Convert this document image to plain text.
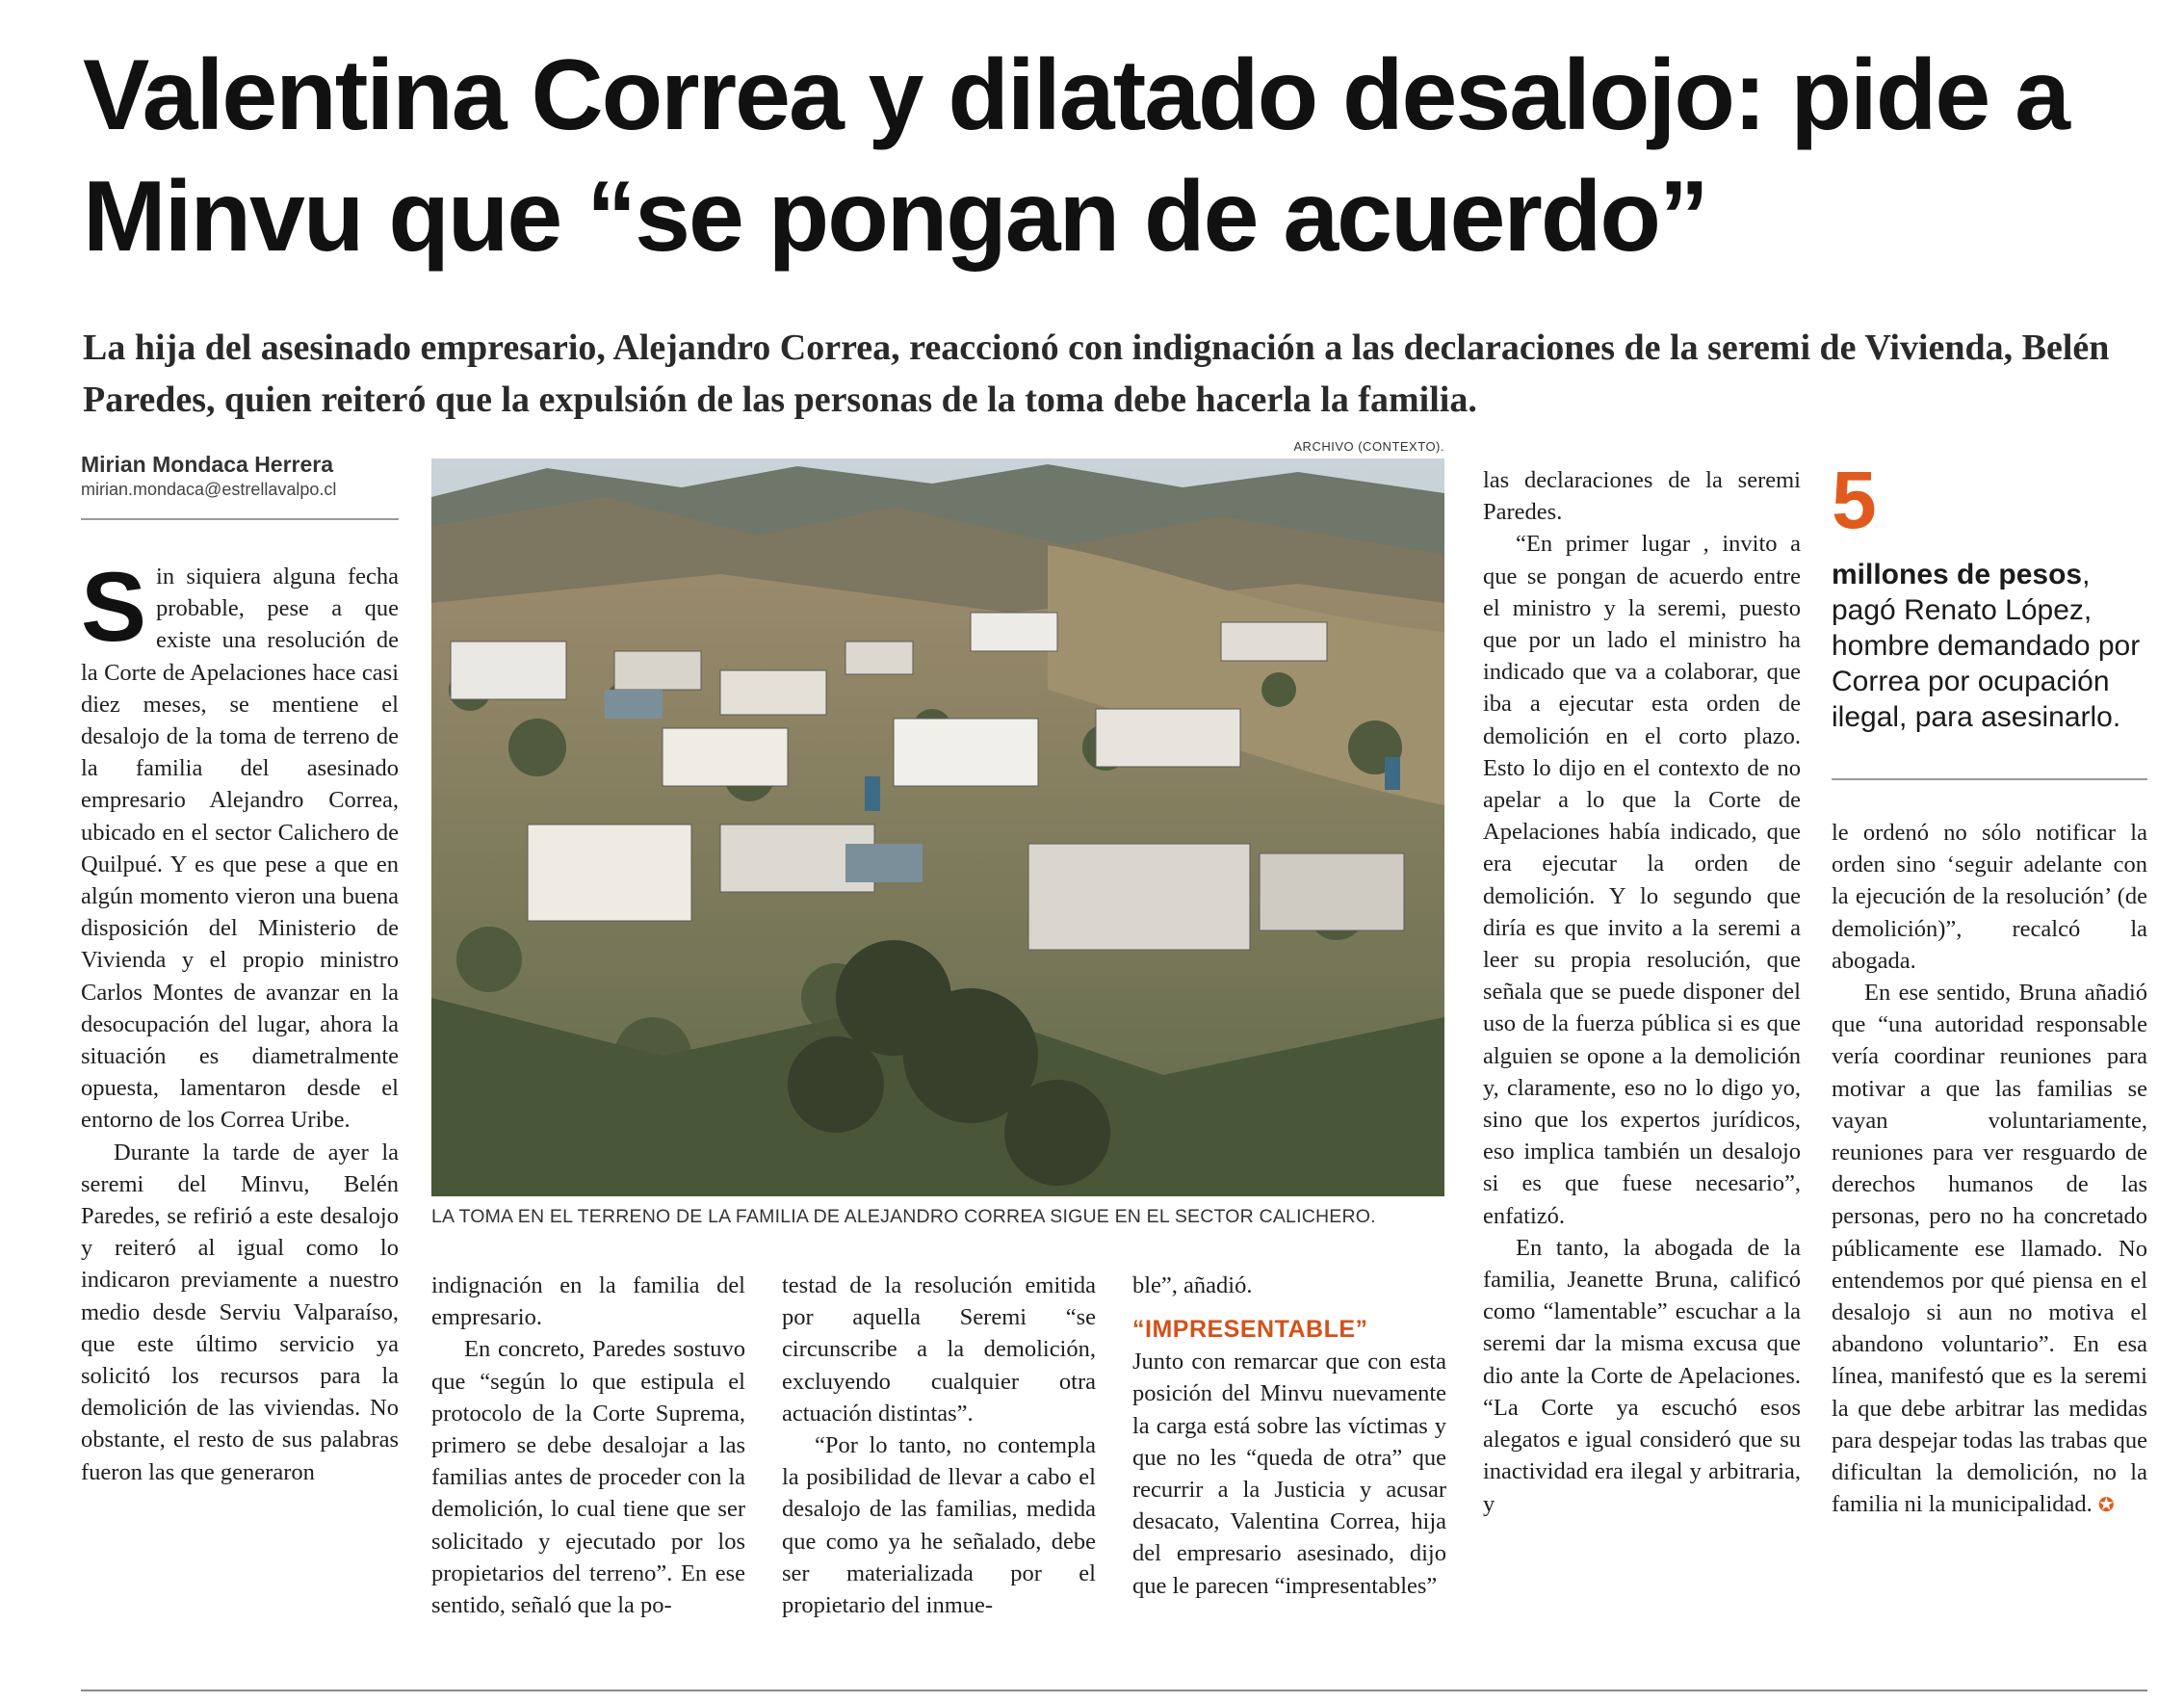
Valentina Correa y dilatado desalojo: pide a Minvu que “se pongan de acuerdo”
La hija del asesinado empresario, Alejandro Correa, reaccionó con indignación a las declaraciones de la seremi de Vivienda, Belén Paredes, quien reiteró que la expulsión de las personas de la toma debe hacerla la familia.
Mirian Mondaca Herrera
mirian.mondaca@estrellavalpo.cl

Sin siquiera alguna fecha probable, pese a que existe una resolución de la Corte de Apelaciones hace casi diez meses, se mentiene el desalojo de la toma de terreno de la familia del asesinado empresario Alejandro Correa, ubicado en el sector Calichero de Quilpué. Y es que pese a que en algún momento vieron una buena disposición del Ministerio de Vivienda y el propio ministro Carlos Montes de avanzar en la desocupación del lugar, ahora la situación es diametralmente opuesta, lamentaron desde el entorno de los Correa Uribe.

Durante la tarde de ayer la seremi del Minvu, Belén Paredes, se refirió a este desalojo y reiteró al igual como lo indicaron previamente a nuestro medio desde Serviu Valparaíso, que este último servicio ya solicitó los recursos para la demolición de las viviendas. No obstante, el resto de sus palabras fueron las que generaron

ARCHIVO (CONTEXTO).
LA TOMA EN EL TERRENO DE LA FAMILIA DE ALEJANDRO CORREA SIGUE EN EL SECTOR CALICHERO.

indignación en la familia del empresario.

En concreto, Paredes sostuvo que “según lo que estipula el protocolo de la Corte Suprema, primero se debe desalojar a las familias antes de proceder con la demolición, lo cual tiene que ser solicitado y ejecutado por los propietarios del terreno”. En ese sentido, señaló que la po-

testad de la resolución emitida por aquella Seremi “se circunscribe a la demolición, excluyendo cualquier otra actuación distintas”.

“Por lo tanto, no contempla la posibilidad de llevar a cabo el desalojo de las familias, medida que como ya he señalado, debe ser materializada por el propietario del inmue-

ble”, añadió.

“IMPRESENTABLE”

Junto con remarcar que con esta posición del Minvu nuevamente la carga está sobre las víctimas y que no les “queda de otra” que recurrir a la Justicia y acusar desacato, Valentina Correa, hija del empresario asesinado, dijo que le parecen “impresentables”

las declaraciones de la seremi Paredes.

“En primer lugar , invito a que se pongan de acuerdo entre el ministro y la seremi, puesto que por un lado el ministro ha indicado que va a colaborar, que iba a ejecutar esta orden de demolición en el corto plazo. Esto lo dijo en el contexto de no apelar a lo que la Corte de Apelaciones había indicado, que era ejecutar la orden de demolición. Y lo segundo que diría es que invito a la seremi a leer su propia resolución, que señala que se puede disponer del uso de la fuerza pública si es que alguien se opone a la demolición y, claramente, eso no lo digo yo, sino que los expertos jurídicos, eso implica también un desalojo si es que fuese necesario”, enfatizó.

En tanto, la abogada de la familia, Jeanette Bruna, calificó como “lamentable” escuchar a la seremi dar la misma excusa que dio ante la Corte de Apelaciones. “La Corte ya escuchó esos alegatos e igual consideró que su inactividad era ilegal y arbitraria, y

5
millones de pesos, pagó Renato López, hombre demandado por Correa por ocupación ilegal, para asesinarlo.

le ordenó no sólo notificar la orden sino ‘seguir adelante con la ejecución de la resolución’ (de demolición)”, recalcó la abogada.

En ese sentido, Bruna añadió que “una autoridad responsable vería coordinar reuniones para motivar a que las familias se vayan voluntariamente, reuniones para ver resguardo de derechos humanos de las personas, pero no ha concretado públicamente ese llamado. No entendemos por qué piensa en el desalojo si aun no motiva el abandono voluntario”. En esa línea, manifestó que es la seremi la que debe arbitrar las medidas para despejar todas las trabas que dificultan la demolición, no la familia ni la municipalidad. ✪
